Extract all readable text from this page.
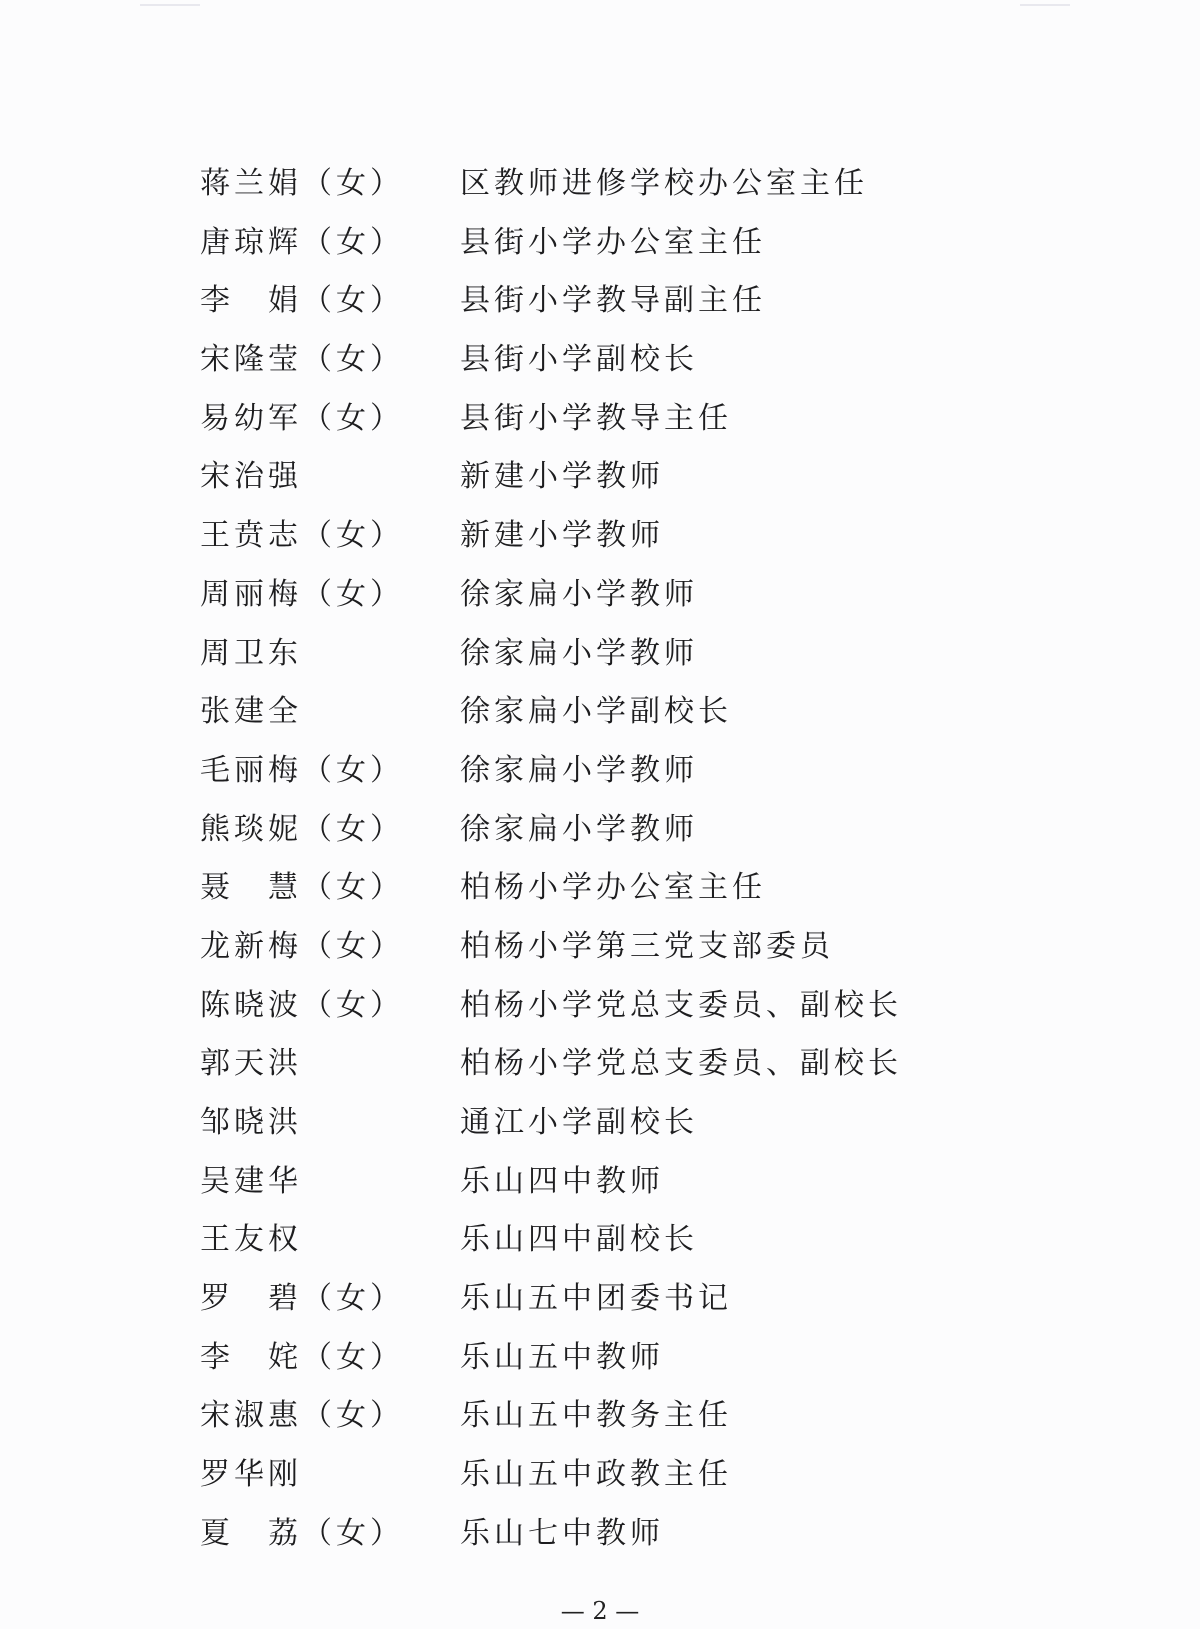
蒋兰娟（女） 区教师进修学校办公室主任
唐琼辉（女） 县街小学办公室主任
李　娟（女） 县街小学教导副主任
宋隆莹（女） 县街小学副校长
易幼军（女） 县街小学教导主任
宋治强	新建小学教师
王贲志（女） 新建小学教师
周丽梅（女） 徐家扁小学教师
周卫东	徐家扁小学教师
张建全	徐家扁小学副校长
毛丽梅（女） 徐家扁小学教师
熊琰妮（女） 徐家扁小学教师
聂　慧（女） 柏杨小学办公室主任
龙新梅（女） 柏杨小学第三党支部委员
陈晓波（女） 柏杨小学党总支委员、副校长
郭天洪	柏杨小学党总支委员、副校长
邹晓洪	通江小学副校长
吴建华	乐山四中教师
王友权	乐山四中副校长
罗　碧（女） 乐山五中团委书记
李　姹（女） 乐山五中教师
宋淑惠（女） 乐山五中教务主任
罗华刚	乐山五中政教主任
夏　荔（女） 乐山七中教师
— 2 —
